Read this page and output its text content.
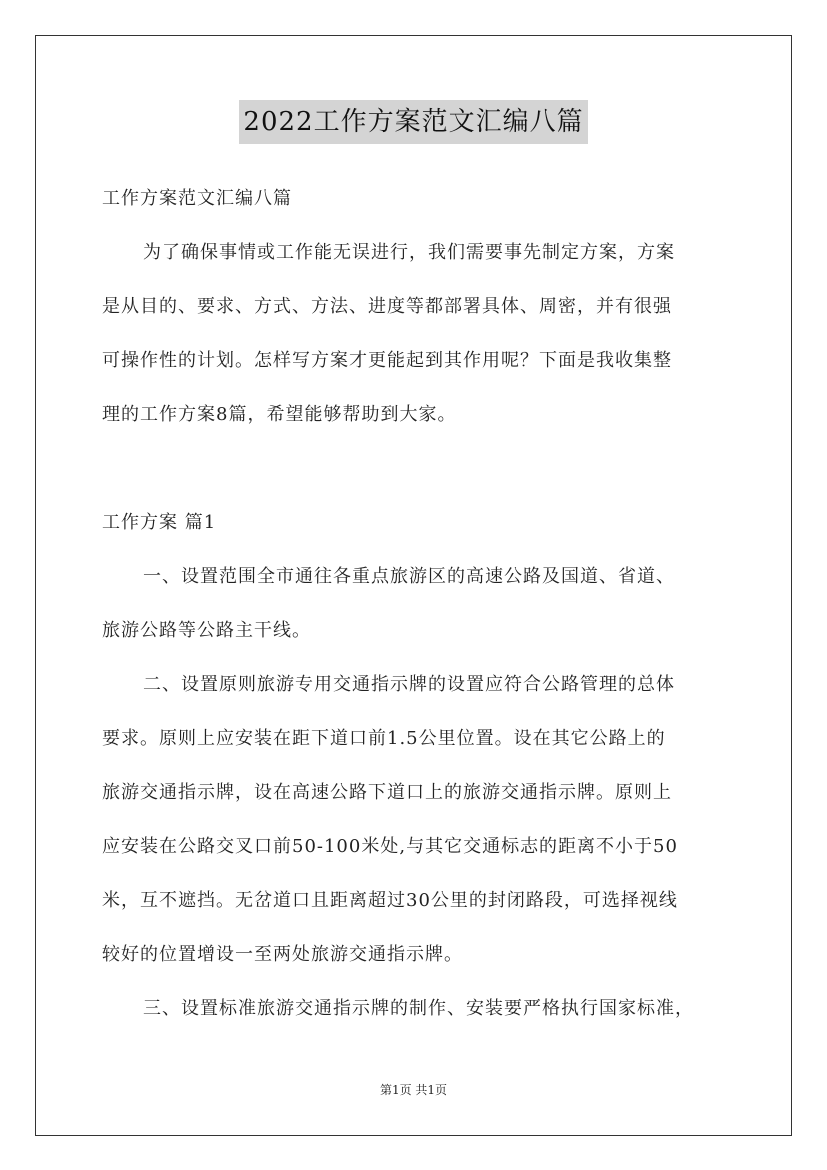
2022工作方案范文汇编八篇
工作方案范文汇编八篇
为了确保事情或工作能无误进行，我们需要事先制定方案，方案
是从目的、要求、方式、方法、进度等都部署具体、周密，并有很强
可操作性的计划。怎样写方案才更能起到其作用呢？下面是我收集整
理的工作方案8篇，希望能够帮助到大家。
工作方案 篇1
一、设置范围全市通往各重点旅游区的高速公路及国道、省道、
旅游公路等公路主干线。
二、设置原则旅游专用交通指示牌的设置应符合公路管理的总体
要求。原则上应安装在距下道口前1.5公里位置。设在其它公路上的
旅游交通指示牌，设在高速公路下道口上的旅游交通指示牌。原则上
应安装在公路交叉口前50-100米处,与其它交通标志的距离不小于50
米，互不遮挡。无岔道口且距离超过30公里的封闭路段，可选择视线
较好的位置增设一至两处旅游交通指示牌。
三、设置标准旅游交通指示牌的制作、安装要严格执行国家标准，
第1页 共1页
